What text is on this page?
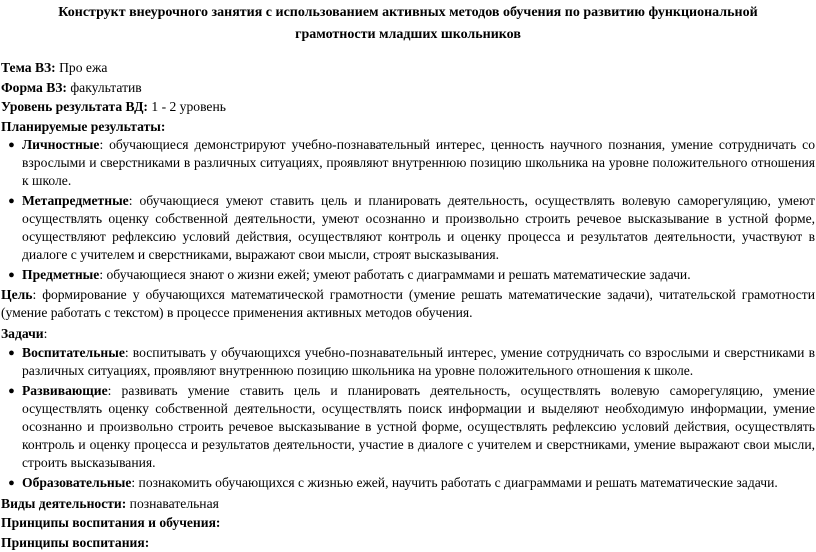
Конструкт внеурочного занятия с использованием активных методов обучения по развитию функциональной грамотности младших школьников

Тема ВЗ: Про ежа

Форма ВЗ: факультатив

Уровень результата ВД: 1 - 2 уровень

Планируемые результаты:

● Личностные: обучающиеся демонстрируют учебно-познавательный интерес, ценность научного познания, умение сотрудничать со взрослыми и сверстниками в различных ситуациях, проявляют внутреннюю позицию школьника на уровне положительного отношения к школе.
● Метапредметные: обучающиеся умеют ставить цель и планировать деятельность, осуществлять волевую саморегуляцию, умеют осуществлять оценку собственной деятельности, умеют осознанно и произвольно строить речевое высказывание в устной форме, осуществляют рефлексию условий действия, осуществляют контроль и оценку процесса и результатов деятельности, участвуют в диалоге с учителем и сверстниками, выражают свои мысли, строят высказывания.
● Предметные: обучающиеся знают о жизни ежей; умеют работать с диаграммами и решать математические задачи.

Цель: формирование у обучающихся математической грамотности (умение решать математические задачи), читательской грамотности (умение работать с текстом) в процессе применения активных методов обучения.

Задачи:

● Воспитательные: воспитывать у обучающихся учебно-познавательный интерес, умение сотрудничать со взрослыми и сверстниками в различных ситуациях, проявляют внутреннюю позицию школьника на уровне положительного отношения к школе.
● Развивающие: развивать умение ставить цель и планировать деятельность, осуществлять волевую саморегуляцию, умение осуществлять оценку собственной деятельности, осуществлять поиск информации и выделяют необходимую информации, умение осознанно и произвольно строить речевое высказывание в устной форме, осуществлять рефлексию условий действия, осуществлять контроль и оценку процесса и результатов деятельности, участие в диалоге с учителем и сверстниками, умение выражают свои мысли, строить высказывания.
● Образовательные: познакомить обучающихся с жизнью ежей, научить работать с диаграммами и решать математические задачи.

Виды деятельности: познавательная

Принципы воспитания и обучения:

Принципы воспитания:
